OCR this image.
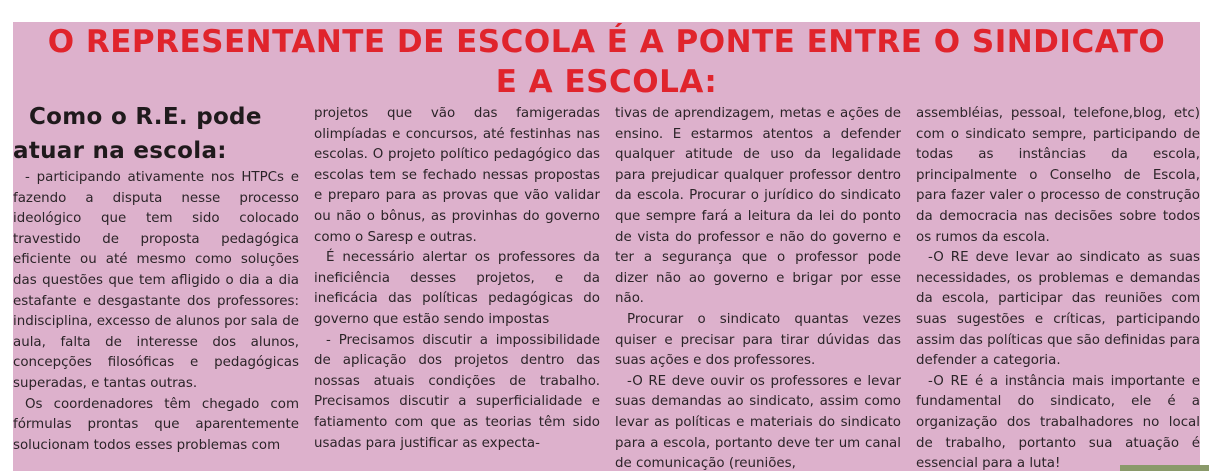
O REPRESENTANTE DE ESCOLA É A PONTE ENTRE O SINDICATO
E A ESCOLA:
Como o R.E. pode
atuar na escola:

- participando ativamente nos HTPCs e fazendo a disputa nesse processo ideológico que tem sido colocado travestido de proposta pedagógica eficiente ou até mesmo como soluções das questões que tem afligido o dia a dia estafante e desgastante dos professores: indisciplina, excesso de alunos por sala de aula, falta de interesse dos alunos, concepções filosóficas e pedagógicas superadas, e tantas outras.

Os coordenadores têm chegado com fórmulas prontas que aparentemente solucionam todos esses problemas com

projetos que vão das famigeradas olimpíadas e concursos, até festinhas nas escolas. O projeto político pedagógico das escolas tem se fechado nessas propostas e preparo para as provas que vão validar ou não o bônus, as provinhas do governo como o Saresp e outras.

É necessário alertar os professores da ineficiência desses projetos, e da ineficácia das políticas pedagógicas do governo que estão sendo impostas

- Precisamos discutir a impossibilidade de aplicação dos projetos dentro das nossas atuais condições de trabalho. Precisamos discutir a superficialidade e fatiamento com que as teorias têm sido usadas para justificar as expecta-

tivas de aprendizagem, metas e ações de ensino. E estarmos atentos a defender qualquer atitude de uso da legalidade para prejudicar qualquer professor dentro da escola. Procurar o jurídico do sindicato que sempre fará a leitura da lei do ponto de vista do professor e não do governo e ter a segurança que o professor pode dizer não ao governo e brigar por esse não.

Procurar o sindicato quantas vezes quiser e precisar para tirar dúvidas das suas ações e dos professores.

-O RE deve ouvir os professores e levar suas demandas ao sindicato, assim como levar as políticas e materiais do sindicato para a escola, portanto deve ter um canal de comunicação (reuniões,

assembléias, pessoal, telefone,blog, etc) com o sindicato sempre, participando de todas as instâncias da escola, principalmente o Conselho de Escola, para fazer valer o processo de construção da democracia nas decisões sobre todos os rumos da escola.

-O RE deve levar ao sindicato as suas necessidades, os problemas e demandas da escola, participar das reuniões com suas sugestões e críticas, participando assim das políticas que são definidas para defender a categoria.

-O RE é a instância mais importante e fundamental do sindicato, ele é a organização dos trabalhadores no local de trabalho, portanto sua atuação é essencial para a luta!
